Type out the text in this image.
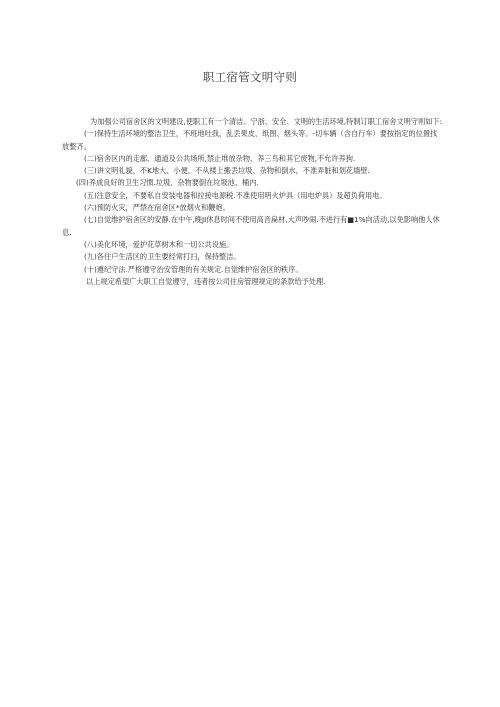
职工宿管文明守则

为加强公司宿舍区的文明建设,使职工有一个清洁、宁浙、安全、文明的生活环境,特制订职工宿舍文明守则如下:

(一)保持生活环境的整洁卫生，不班地吐我，乱丢果皮、纸图、烟头等。-切车辆（含自行车）要按指定的位置找放整齐。

(二)宿舍区内的走廊、通道及公共场所,禁止堆放杂物、养三鸟和其它废物,不允许养狗.

(三)讲文明礼貌，不K地大、小便，不从楼上搬丢垃圾、杂物和倒水，不准弄脏和划花墙壁.

(四)养成良好的卫生习惯.垃圾、杂物要倒在垃圾池、桶内.

(五)注意安全，不要私自安装电器和拉接电源税.不准使用明火炉具（用电炉具）及超负荷用电。

(六)预防火灾，严禁在宿舍区*放烟火和鞭炮。

(七)自觉维护宿舍区的安静.在中午,晚JI休息时间不使用高音扁材,大声吵闹.不进行有■1%向活动,以免影响他人休息.

(八)美化环境，爱护花草树木和一切公共设施。

(九)各住户生活区的卫生要经常打扫，保持整洁。

(十)遵纪守法.严格遵守治安管理的有关规定.自觉维护宿舍区的秩序。

以上规定希望广大职工自觉遵守，违者按公司住房管理规定的条款给予处理.
